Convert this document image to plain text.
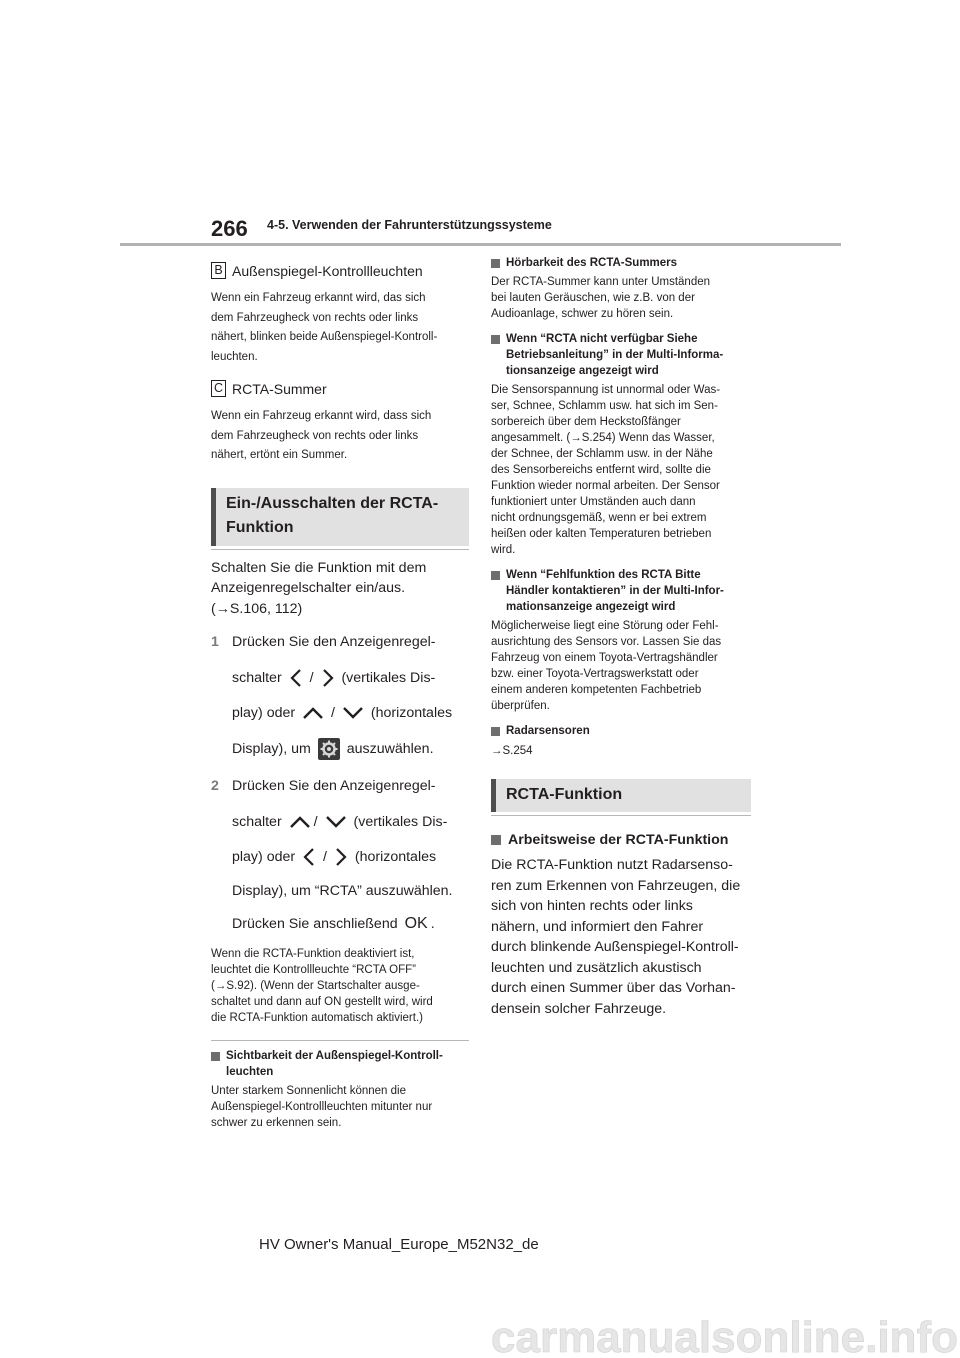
266 4-5. Verwenden der Fahrunterstützungssysteme
B Außenspiegel-Kontrollleuchten

Wenn ein Fahrzeug erkannt wird, das sich

dem Fahrzeugheck von rechts oder links

nähert, blinken beide Außenspiegel-Kontroll-

leuchten.

C RCTA-Summer

Wenn ein Fahrzeug erkannt wird, dass sich

dem Fahrzeugheck von rechts oder links

nähert, ertönt ein Summer.

Ein-/Ausschalten der RCTA-
Funktion

Schalten Sie die Funktion mit dem

Anzeigenregelschalter ein/aus.

(→S.106, 112)

1 Drücken Sie den Anzeigenregel-
schalter / (vertikales Dis-
play) oder	/	(horizontales
Display), um	auszuwählen.
2 Drücken Sie den Anzeigenregel-
schalter /	(vertikales Dis-
play) oder / (horizontales
Display), um “RCTA” auszuwählen.
Drücken Sie anschließend OK .

Wenn die RCTA-Funktion deaktiviert ist,

leuchtet die Kontrollleuchte “RCTA OFF”

(→S.92). (Wenn der Startschalter ausge-

schaltet und dann auf ON gestellt wird, wird

die RCTA-Funktion automatisch aktiviert.)

Sichtbarkeit der Außenspiegel-Kontroll-
leuchten

Unter starkem Sonnenlicht können die

Außenspiegel-Kontrollleuchten mitunter nur

schwer zu erkennen sein.

Hörbarkeit des RCTA-Summers

Der RCTA-Summer kann unter Umständen

bei lauten Geräuschen, wie z.B. von der

Audioanlage, schwer zu hören sein.

Wenn “RCTA nicht verfügbar Siehe
Betriebsanleitung” in der Multi-Informa-
tionsanzeige angezeigt wird

Die Sensorspannung ist unnormal oder Was-

ser, Schnee, Schlamm usw. hat sich im Sen-

sorbereich über dem Heckstoßfänger

angesammelt. (→S.254) Wenn das Wasser,

der Schnee, der Schlamm usw. in der Nähe

des Sensorbereichs entfernt wird, sollte die

Funktion wieder normal arbeiten. Der Sensor

funktioniert unter Umständen auch dann

nicht ordnungsgemäß, wenn er bei extrem

heißen oder kalten Temperaturen betrieben

wird.

Wenn “Fehlfunktion des RCTA Bitte
Händler kontaktieren” in der Multi-Infor-
mationsanzeige angezeigt wird

Möglicherweise liegt eine Störung oder Fehl-

ausrichtung des Sensors vor. Lassen Sie das

Fahrzeug von einem Toyota-Vertragshändler

bzw. einer Toyota-Vertragswerkstatt oder

einem anderen kompetenten Fachbetrieb

überprüfen.

Radarsensoren

→S.254

RCTA-Funktion
Arbeitsweise der RCTA-Funktion

Die RCTA-Funktion nutzt Radarsenso-

ren zum Erkennen von Fahrzeugen, die

sich von hinten rechts oder links

nähern, und informiert den Fahrer

durch blinkende Außenspiegel-Kontroll-

leuchten und zusätzlich akustisch

durch einen Summer über das Vorhan-

densein solcher Fahrzeuge.

HV Owner's Manual_Europe_M52N32_de
carmanualsonline.info
